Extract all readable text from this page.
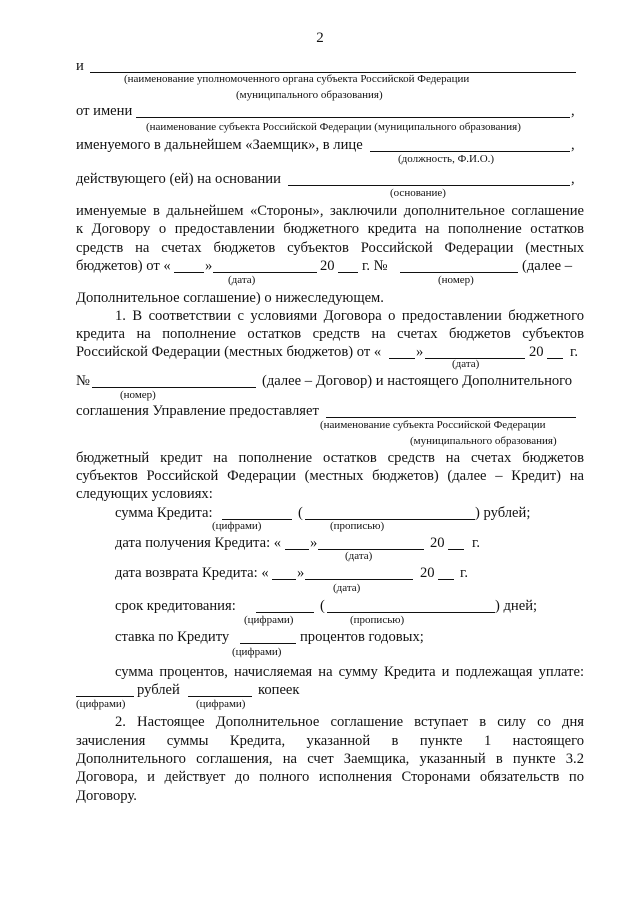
2
и
(наименование уполномоченного органа субъекта Российской Федерации
(муниципального образования)
от имени	,
(наименование субъекта Российской Федерации (муниципального образования)
именуемого в дальнейшем «Заемщик», в лице	,
(должность, Ф.И.О.)
действующего (ей) на основании	,
(основание)
именуемые в дальнейшем «Стороны», заключили дополнительное соглашение
к Договору о предоставлении бюджетного кредита на пополнение остатков
средств на счетах бюджетов субъектов Российской Федерации (местных
бюджетов) от « »	20 г. №	(далее –
(дата)	(номер)
Дополнительное соглашение) о нижеследующем.
1. В соответствии с условиями Договора о предоставлении бюджетного
кредита на пополнение остатков средств на счетах бюджетов субъектов
Российской Федерации (местных бюджетов) от « »	20 г.
(дата)
№	(далее – Договор) и настоящего Дополнительного
(номер)
соглашения Управление предоставляет
(наименование субъекта Российской Федерации
(муниципального образования)
бюджетный кредит на пополнение остатков средств на счетах бюджетов
субъектов Российской Федерации (местных бюджетов) (далее – Кредит) на
следующих условиях:
сумма Кредита:	(	) рублей;
(цифрами)	(прописью)
дата получения Кредита: « »	20 г.
(дата)
дата возврата Кредита: « »	20 г.
(дата)
срок кредитования:	(	) дней;
(цифрами)	(прописью)
ставка по Кредиту	процентов годовых;
(цифрами)
сумма процентов, начисляемая на сумму Кредита и подлежащая уплате:
рублей	копеек
(цифрами)	(цифрами)
2. Настоящее Дополнительное соглашение вступает в силу со дня
зачисления суммы Кредита, указанной в пункте 1 настоящего
Дополнительного соглашения, на счет Заемщика, указанный в пункте 3.2
Договора, и действует до полного исполнения Сторонами обязательств по
Договору.
